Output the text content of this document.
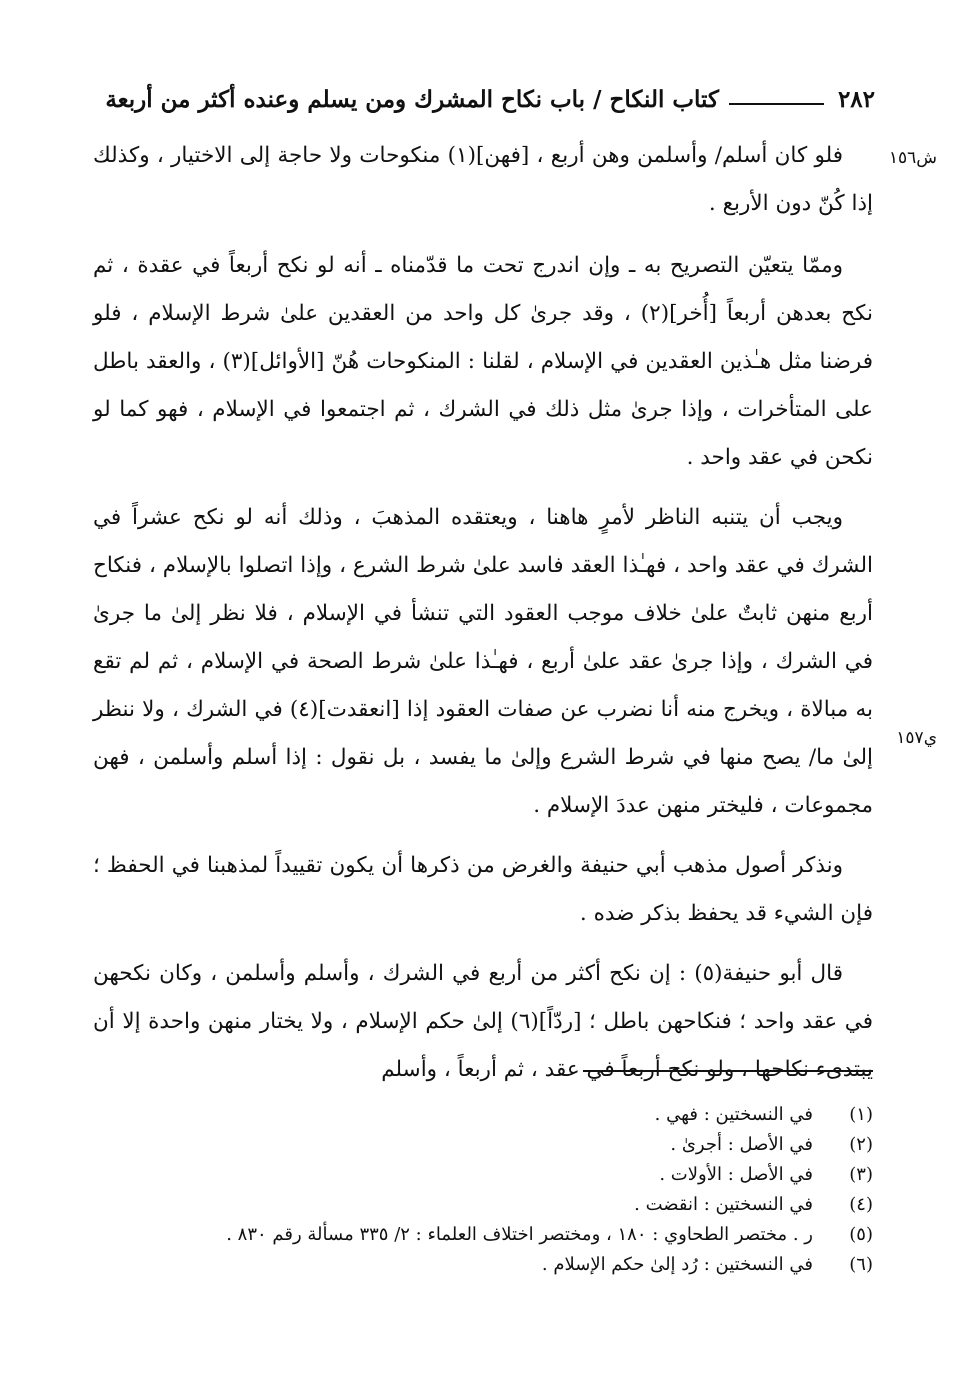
٢٨٢
كتاب النكاح / باب نكاح المشرك ومن يسلم وعنده أكثر من أربعة
ش١٥٦
ي١٥٧

فلو كان أسلم/ وأسلمن وهن أربع ، [فهن](١) منكوحات ولا حاجة إلى الاختيار ، وكذلك إذا كُنّ دون الأربع .

وممّا يتعيّن التصريح به ـ وإن اندرج تحت ما قدّمناه ـ أنه لو نكح أربعاً في عقدة ، ثم نكح بعدهن أربعاً [أُخر](٢) ، وقد جرىٰ كل واحد من العقدين علىٰ شرط الإسلام ، فلو فرضنا مثل هـٰذين العقدين في الإسلام ، لقلنا : المنكوحات هُنّ [الأوائل](٣) ، والعقد باطل على المتأخرات ، وإذا جرىٰ مثل ذلك في الشرك ، ثم اجتمعوا في الإسلام ، فهو كما لو نكحن في عقد واحد .

ويجب أن يتنبه الناظر لأمرٍ هاهنا ، ويعتقده المذهبَ ، وذلك أنه لو نكح عشراً في الشرك في عقد واحد ، فهـٰذا العقد فاسد علىٰ شرط الشرع ، وإذا اتصلوا بالإسلام ، فنكاح أربع منهن ثابتٌ علىٰ خلاف موجب العقود التي تنشأ في الإسلام ، فلا نظر إلىٰ ما جرىٰ في الشرك ، وإذا جرىٰ عقد علىٰ أربع ، فهـٰذا علىٰ شرط الصحة في الإسلام ، ثم لم تقع به مبالاة ، ويخرج منه أنا نضرب عن صفات العقود إذا [انعقدت](٤) في الشرك ، ولا ننظر إلىٰ ما/ يصح منها في شرط الشرع وإلىٰ ما يفسد ، بل نقول : إذا أسلم وأسلمن ، فهن مجموعات ، فليختر منهن عددَ الإسلام .

ونذكر أصول مذهب أبي حنيفة والغرض من ذكرها أن يكون تقييداً لمذهبنا في الحفظ ؛ فإن الشيء قد يحفظ بذكر ضده .

قال أبو حنيفة(٥) : إن نكح أكثر من أربع في الشرك ، وأسلم وأسلمن ، وكان نكحهن في عقد واحد ؛ فنكاحهن باطل ؛ [ردّاً](٦) إلىٰ حكم الإسلام ، ولا يختار منهن واحدة إلا أن يبتدىء نكاحها ، ولو نكح أربعاً في عقد ، ثم أربعاً ، وأسلم

(١)
في النسختين : فهي .
(٢)
في الأصل : أجرىٰ .
(٣)
في الأصل : الأولات .
(٤)
في النسختين : انقضت .
(٥)
ر . مختصر الطحاوي : ١٨٠ ، ومختصر اختلاف العلماء : ٢/ ٣٣٥ مسألة رقم ٨٣٠ .
(٦)
في النسختين : رُد إلىٰ حكم الإسلام .
